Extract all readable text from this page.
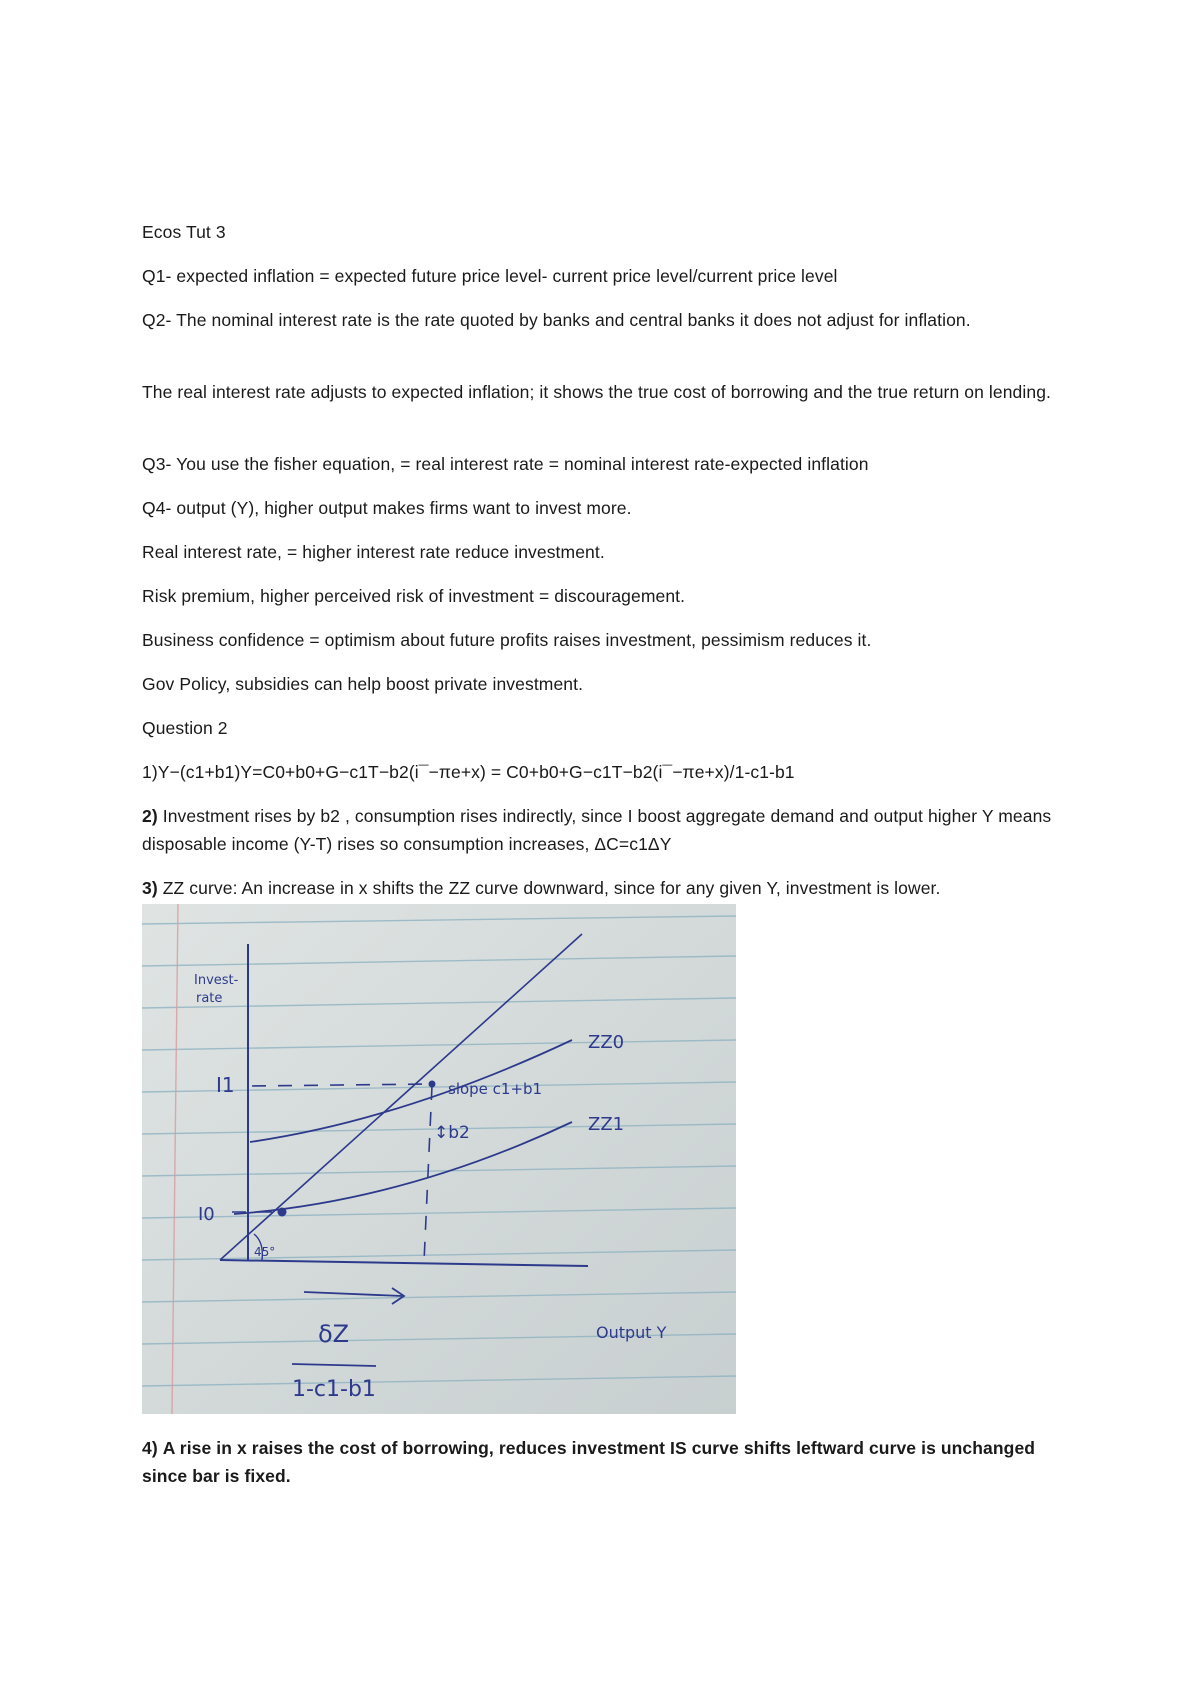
Ecos Tut 3

Q1- expected inflation = expected future price level- current price level/current price level

Q2- The nominal interest rate is the rate quoted by banks and central banks it does not adjust for inflation.

The real interest rate adjusts to expected inflation; it shows the true cost of borrowing and the true return on lending.

Q3- You use the fisher equation, = real interest rate = nominal interest rate-expected inflation

Q4- output (Y), higher output makes firms want to invest more.

Real interest rate, = higher interest rate reduce investment.

Risk premium, higher perceived risk of investment = discouragement.

Business confidence = optimism about future profits raises investment, pessimism reduces it.

Gov Policy, subsidies can help boost private investment.

Question 2

1)Y−(c1+b1)Y=C0+b0+G−c1T−b2(i¯−πe+x) = C0+b0+G−c1T−b2(i¯−πe+x)/1-c1-b1

2) Investment rises by b2 , consumption rises indirectly, since I boost aggregate demand and output higher Y means disposable income (Y-T) rises so consumption increases, ΔC=c1ΔY

3) ZZ curve: An increase in x shifts the ZZ curve downward, since for any given Y, investment is lower.

Invest-
rate
ZZ0
ZZ1
I1
I0
slope c1+b1
↕b2
45°
Output Y
δZ
1-c1-b1

4) A rise in x raises the cost of borrowing, reduces investment IS curve shifts leftward curve is unchanged since bar is fixed.
